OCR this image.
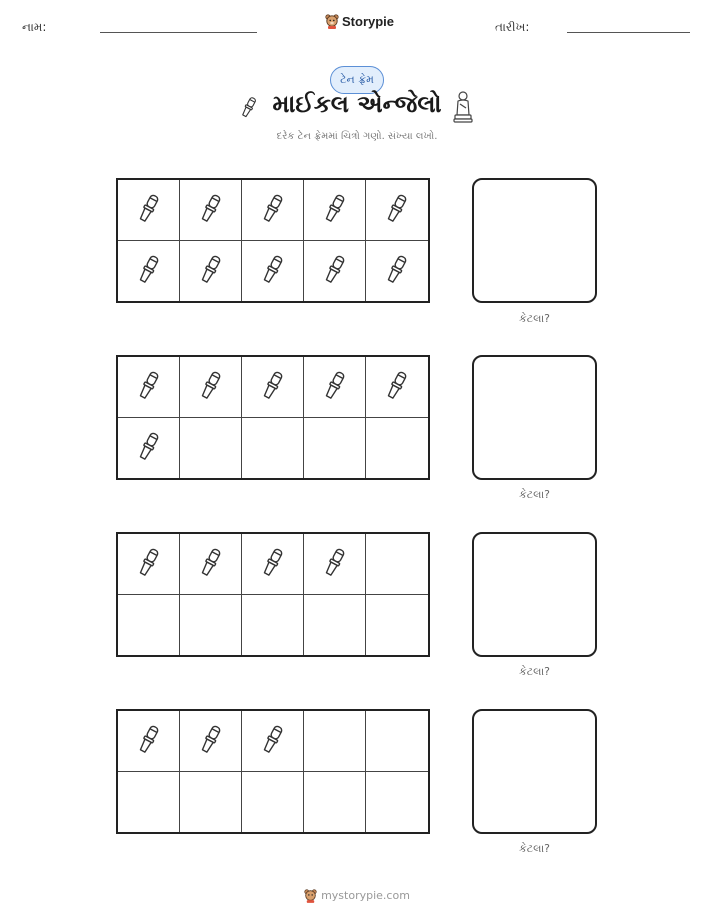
નામ:	Storypie	તારીખ:
ટેન ફ્રેમ
માઈકલ એન્જેલો
દરેક ટેન ફ્રેમમાં ચિત્રો ગણો. સંખ્યા લખો.
કેટલા?
કેટલા?
કેટલા?
કેટલા?
mystorypie.com
